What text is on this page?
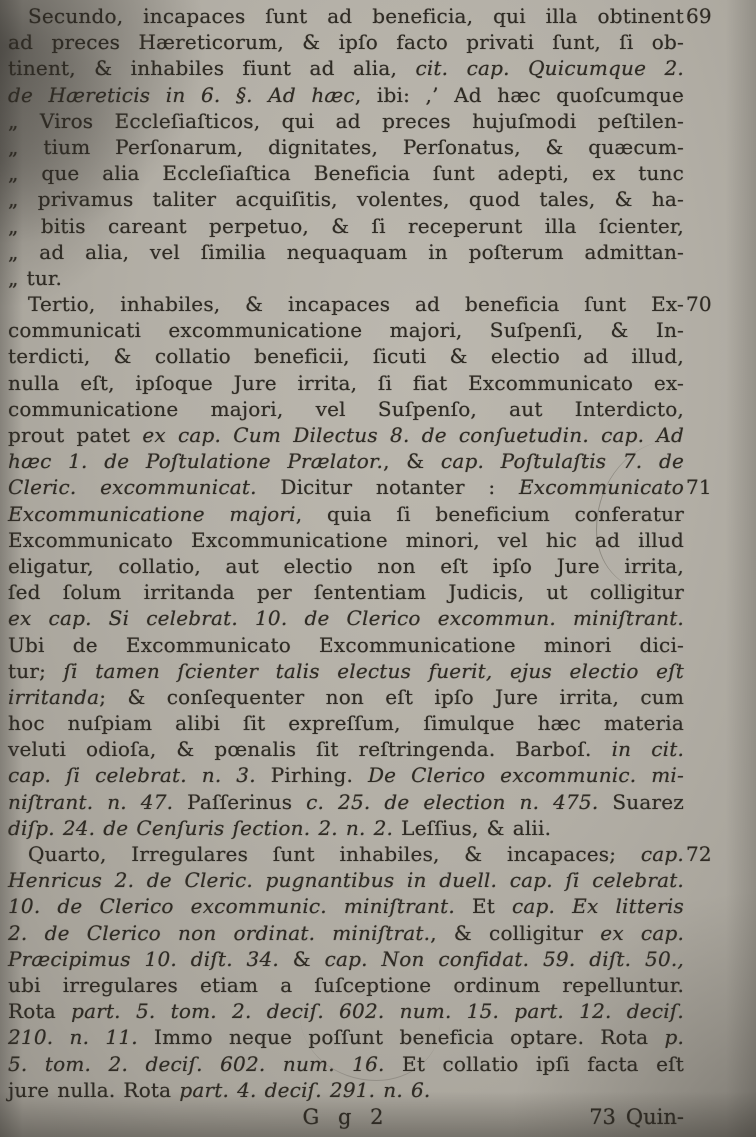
Secundo, incapaces ſunt ad beneficia, qui illa obtinent 69
ad preces Hæreticorum, & ipſo facto privati ſunt, ſi ob-
tinent, & inhabiles fiunt ad alia, cit. cap. Quicumque 2.
de Hæreticis in 6. §. Ad hæc, ibi: ,’ Ad hæc quoſcumque
„ Viros Eccleſiaſticos, qui ad preces hujuſmodi peſtilen-
„ tium Perſonarum, dignitates, Perſonatus, & quæcum-
„ que alia Eccleſiaſtica Beneficia ſunt adepti, ex tunc
„ privamus taliter acquiſitis, volentes, quod tales, & ha-
„ bitis careant perpetuo, & ſi receperunt illa ſcienter,
„ ad alia, vel ſimilia nequaquam in poſterum admittan-
„ tur.
Tertio, inhabiles, & incapaces ad beneficia ſunt Ex- 70
communicati excommunicatione majori, Suſpenſi, & In-
terdicti, & collatio beneficii, ſicuti & electio ad illud,
nulla eſt, ipſoque Jure irrita, ſi fiat Excommunicato ex-
communicatione majori, vel Suſpenſo, aut Interdicto,
prout patet ex cap. Cum Dilectus 8. de conſuetudin. cap. Ad
hæc 1. de Poſtulatione Prælator., & cap. Poſtulaſtis 7. de
Cleric. excommunicat. Dicitur notanter : Excommunicato 71
Excommunicatione majori, quia ſi beneficium conferatur
Excommunicato Excommunicatione minori, vel hic ad illud
eligatur, collatio, aut electio non eſt ipſo Jure irrita,
ſed ſolum irritanda per ſententiam Judicis, ut colligitur
ex cap. Si celebrat. 10. de Clerico excommun. miniſtrant.
Ubi de Excommunicato Excommunicatione minori dici-
tur; ſi tamen ſcienter talis electus fuerit, ejus electio eſt
irritanda; & conſequenter non eſt ipſo Jure irrita, cum
hoc nuſpiam alibi ſit expreſſum, ſimulque hæc materia
veluti odioſa, & pœnalis ſit reſtringenda. Barboſ. in cit.
cap. ſi celebrat. n. 3. Pirhing. De Clerico excommunic. mi-
niſtrant. n. 47. Paſſerinus c. 25. de election n. 475. Suarez
diſp. 24. de Cenſuris ſection. 2. n. 2. Leſſius, & alii.
Quarto, Irregulares ſunt inhabiles, & incapaces; cap. 72
Henricus 2. de Cleric. pugnantibus in duell. cap. ſi celebrat.
10. de Clerico excommunic. miniſtrant. Et cap. Ex litteris
2. de Clerico non ordinat. miniſtrat., & colligitur ex cap.
Præcipimus 10. diſt. 34. & cap. Non confidat. 59. diſt. 50.,
ubi irregulares etiam a ſuſceptione ordinum repelluntur.
Rota part. 5. tom. 2. deciſ. 602. num. 15. part. 12. deciſ.
210. n. 11. Immo neque poſſunt beneficia optare. Rota p.
5. tom. 2. deciſ. 602. num. 16. Et collatio ipſi facta eſt
jure nulla. Rota part. 4. deciſ. 291. n. 6.
G g 2	73 Quin-
